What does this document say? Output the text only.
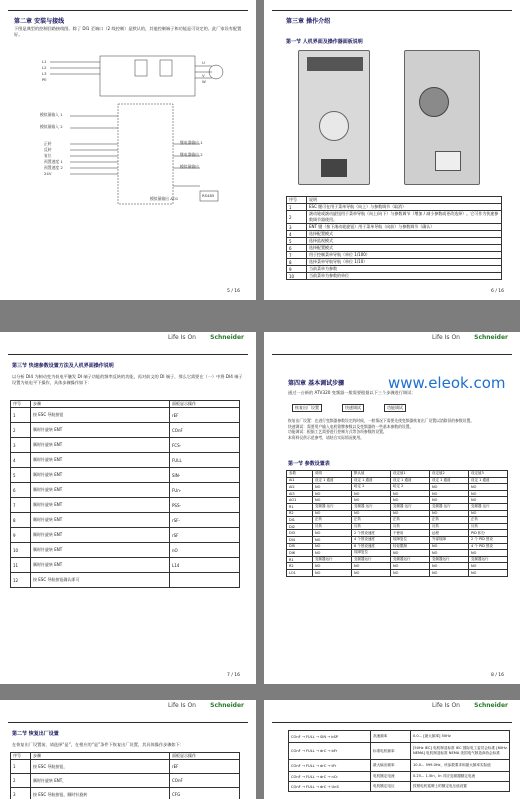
第二章 安装与接线
下图是典型的控制回路接线图。除了 DI1 至端口（2 线控制）是默认的，其他控制端子和功能是可设定的。此厂家设有配置好。
L1
L2
L3
PE
U
V
W
模拟量输入 1
模拟量输入 2
正转
反转
复位
预置速度 1
预置速度 2
24V
继电器输出 1
继电器输出 2
模拟量输出
模拟量输出 AO1
RS485
5 / 16
第三章 操作介绍
第一节 人机界面及操作器面板说明
序号	说明
1	ESC 键可在用于菜单导航（向上）与参数调节（取消）
2	滚动轮或滚动旋钮用于菜单导航（向上/向下）与参数调节（增加 / 减小参数或更改选择）。它可作为快速参数调节器使用。
3	ENT 键（按下滚动轮旋钮）用于菜单导航（向前）与参数调节（确认）
4	选择配置模式
5	选择监视模式
6	选择配置模式
7	用于控制菜单导航（单位 1/100）
8	选择菜单导航导航（单位 1/10）
9	当前菜单为参数
10	当前菜单为参数的单位
6 / 16
Life Is On Schneider
第三节 快速参数设置方法及人机界面操作说明
以分析 DI4 为制动变为低电平触发 DI 端子功能的频率反转的功能，再对前文的 DI 端子，那么它需要在（一）中将 DI4 端子设置为低电平下操作，具体步骤操作如下：
序号	步骤	面板显示操作
1	按 ESC 导航按钮	rEF
2	顺时针旋转 ENT	COnF
3	顺时针旋转 ENT	FCS-
4	顺时针旋转 ENT	FULL
5	顺时针旋转 ENT	SIN-
6	顺时针旋转 ENT	FUn-
7	顺时针旋转 ENT	PSS-
8	顺时针旋转 ENT	rSF-
9	顺时针旋转 ENT	rSF
10	顺时针旋转 ENT	nO
11	顺时针旋转 ENT	L14
12	按 ESC 导航按钮确认即可	
7 / 16
Life Is On Schneider
第四章 基本调试步骤
通过一台新的 ATV320 变频器一般需要根据以下三个步骤进行调试：
恢复出厂设置	快速调试	功能调试
恢复出厂设置：在进行变频器参数设定的时候，一般情况下需要先使变频器恢复出厂设置以消除旧的参数设置。
快速调试：需要用户输入电机铭牌参数以及变频器的一些基本参数的设置。
功能调试：根据工艺需要进行控制方式等各项参数的设置。
本资料仅供示范参考，请结合实际情况使用。
第一节 参数设置表
参数	说明	默认值	设定值1	设定值2	设定值3
AI1	设定 1 通道	设定 1 通道	设定 1 通道	设定 1 通道	设定 1 通道
AI2	NO	给定 2	给定 2	NO	NO
AI3	NO	NO	NO	NO	NO
AO1	NO	NO	NO	NO	NO
R1	变频器 运行	变频器 运行	变频器 运行	变频器 运行	变频器 运行
R2	NO	NO	NO	NO	NO
DI1	正转	正转	正转	正转	正转
DI2	反转	反转	反转	反转	反转
DI3	NO	2 个预设速度	不使用	远程	PID 积分
DI4	NO	4 个预设速度	故障复位	外部故障	2 个 PID 预设
DI5	NO	8 个预设速度	转矩限制	NO	4 个 PID 预设
DI6	NO	故障复位	NO	NO	NO
R1	变频器运行	变频器运行	变频器运行	变频器运行	变频器运行
R2	NO	NO	NO	NO	NO
LO1	NO	NO	NO	NO	NO
8 / 16
www.eleok.com
Life Is On Schneider
第二节 恢复出厂设置
在恢复出厂设置前，请选择“是”，在相应的“是”条件下恢复出厂设置，其具体操作步骤如下：
序号	步骤	面板显示操作
1	按 ESC 导航按钮，	rEF
2	顺时针旋转 ENT，	COnF
3	按 ESC 导航按钮，顺时针旋转	CFG
Life Is On Schneider
COnF → FULL → SIN → bSP	高速频率	0.0... [最大频率] 50Hz
COnF → FULL → drC → bFr	标准电机频率	[50Hz IEC] 电机制造标准 IEC 国际电工委员会标准 [60Hz NEMA] 电机制造标准 NEMA 美国电气制造商协会标准
COnF → FULL → drC → tFr	最大输出频率	10.0... 599.0Hz，该参数要求和最大频率实际值
COnF → FULL → drC → nCr	电机额定电流	0.25... 1.5In，In 对应变频器额定电流
COnF → FULL → drC → UnS	电机额定电压	按照电机铭牌上的额定电压值设置
